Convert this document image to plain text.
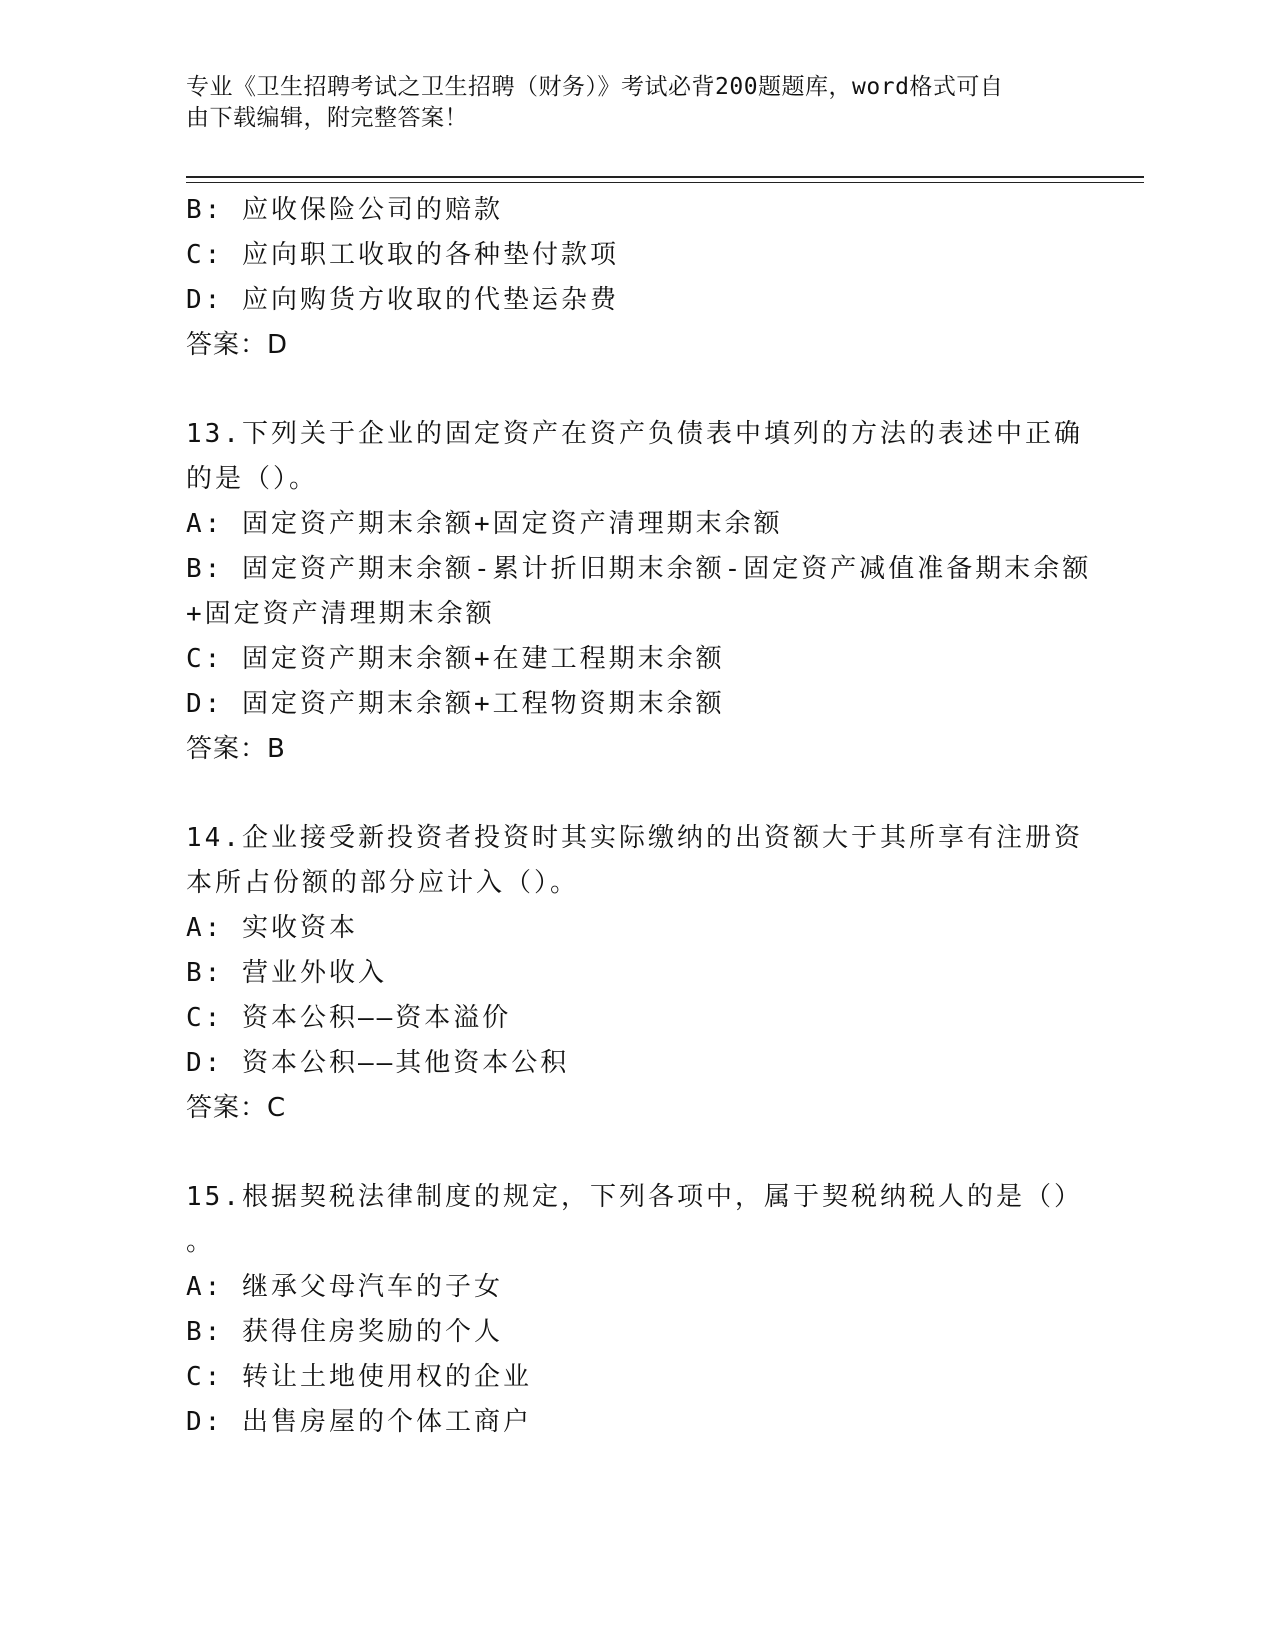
专业《卫生招聘考试之卫生招聘（财务）》考试必背200题题库，word格式可自
由下载编辑，附完整答案！
B: 应收保险公司的赔款
C: 应向职工收取的各种垫付款项
D: 应向购货方收取的代垫运杂费
答案：D
13.下列关于企业的固定资产在资产负债表中填列的方法的表述中正确
的是（）。
A: 固定资产期末余额+固定资产清理期末余额
B: 固定资产期末余额-累计折旧期末余额-固定资产减值准备期末余额
+固定资产清理期末余额
C: 固定资产期末余额+在建工程期末余额
D: 固定资产期末余额+工程物资期末余额
答案：B
14.企业接受新投资者投资时其实际缴纳的出资额大于其所享有注册资
本所占份额的部分应计入（）。
A: 实收资本
B: 营业外收入
C: 资本公积——资本溢价
D: 资本公积——其他资本公积
答案：C
15.根据契税法律制度的规定，下列各项中，属于契税纳税人的是（）
。
A: 继承父母汽车的子女
B: 获得住房奖励的个人
C: 转让土地使用权的企业
D: 出售房屋的个体工商户
